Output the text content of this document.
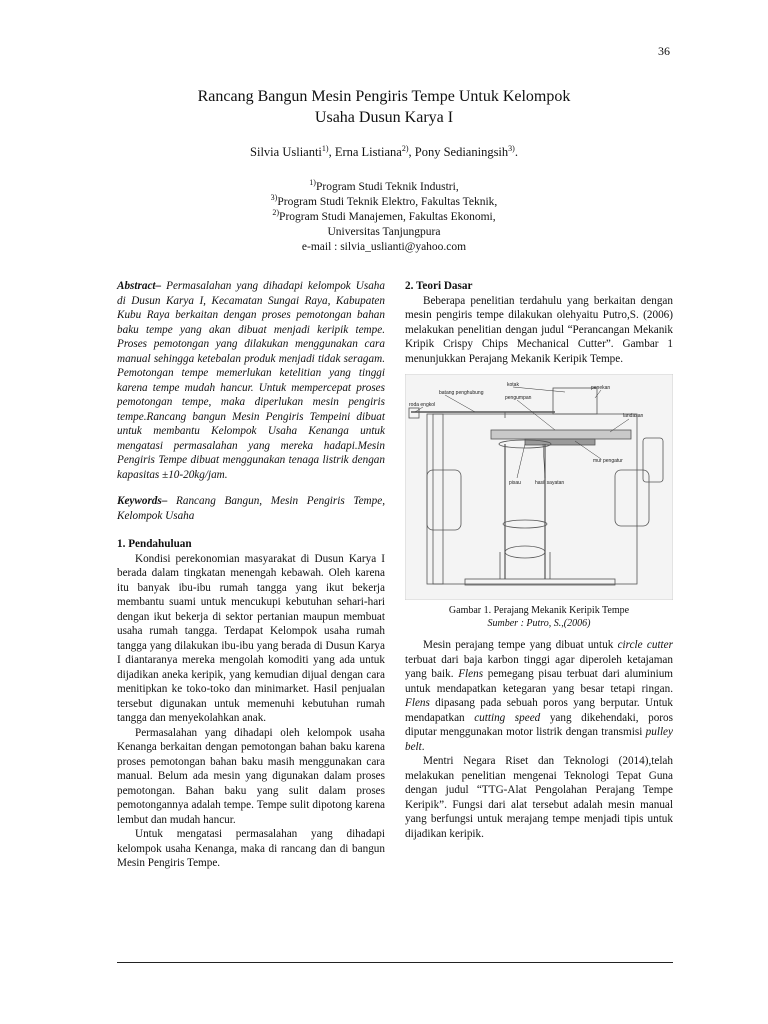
36
Rancang Bangun Mesin Pengiris Tempe Untuk Kelompok
Usaha Dusun Karya I
Silvia Uslianti$^{1)}$, Erna Listiana$^{2)}$, Pony Sedianingsih$^{3)}$.
$^{1)}$Program Studi Teknik Industri,
$^{3)}$Program Studi Teknik Elektro, Fakultas Teknik,
$^{2)}$Program Studi Manajemen, Fakultas Ekonomi,
Universitas Tanjungpura
e-mail : silvia_uslianti@yahoo.com

Abstract– Permasalahan yang dihadapi kelompok Usaha di Dusun Karya I, Kecamatan Sungai Raya, Kabupaten Kubu Raya berkaitan dengan proses pemotongan bahan baku tempe yang akan dibuat menjadi keripik tempe. Proses pemotongan yang dilakukan menggunakan cara manual sehingga ketebalan produk menjadi tidak seragam. Pemotongan tempe memerlukan ketelitian yang tinggi karena tempe mudah hancur. Untuk mempercepat proses pemotongan tempe, maka diperlukan mesin pengiris tempe.Rancang bangun Mesin Pengiris Tempeini dibuat untuk membantu Kelompok Usaha Kenanga untuk mengatasi permasalahan yang mereka hadapi.Mesin Pengiris Tempe dibuat menggunakan tenaga listrik dengan kapasitas ±10-20kg/jam.

Keywords– Rancang Bangun, Mesin Pengiris Tempe, Kelompok Usaha

1. Pendahuluan

Kondisi perekonomian masyarakat di Dusun Karya I berada dalam tingkatan menengah kebawah. Oleh karena itu banyak ibu-ibu rumah tangga yang ikut bekerja membantu suami untuk mencukupi kebutuhan sehari-hari dengan ikut bekerja di sektor pertanian maupun membuat usaha rumah tangga. Terdapat Kelompok usaha rumah tangga yang dilakukan ibu-ibu yang berada di Dusun Karya I diantaranya mereka mengolah komoditi yang ada untuk dijadikan aneka keripik, yang kemudian dijual dengan cara menitipkan ke toko-toko dan minimarket. Hasil penjualan tersebut digunakan untuk memenuhi kebutuhan rumah tangga dan menyekolahkan anak.

Permasalahan yang dihadapi oleh kelompok usaha Kenanga berkaitan dengan pemotongan bahan baku karena proses pemotongan bahan baku masih menggunakan cara manual. Belum ada mesin yang digunakan dalam proses pemotongan. Bahan baku yang sulit dalam proses pemotongannya adalah tempe. Tempe sulit dipotong karena lembut dan mudah hancur.

Untuk mengatasi permasalahan yang dihadapi kelompok usaha Kenanga, maka di rancang dan di bangun Mesin Pengiris Tempe.

2. Teori Dasar

Beberapa penelitian terdahulu yang berkaitan dengan mesin pengiris tempe dilakukan olehyaitu Putro,S. (2006) melakukan penelitian dengan judul “Perancangan Mekanik Kripik Crispy Chips Mechanical Cutter”. Gambar 1 menunjukkan Perajang Mekanik Keripik Tempe.

batang penghubung
kotak	penekan
pengumpan
roda engkol
landasan
mur pengatur
pisau	hasil sayatan
Gambar 1. Perajang Mekanik Keripik Tempe
Sumber : Putro, S.,(2006)

Mesin perajang tempe yang dibuat untuk circle cutter terbuat dari baja karbon tinggi agar diperoleh ketajaman yang baik. Flens pemegang pisau terbuat dari aluminium untuk mendapatkan ketegaran yang besar tetapi ringan. Flens dipasang pada sebuah poros yang berputar. Untuk mendapatkan cutting speed yang dikehendaki, poros diputar menggunakan motor listrik dengan transmisi pulley belt.

Mentri Negara Riset dan Teknologi (2014),telah melakukan penelitian mengenai Teknologi Tepat Guna dengan judul “TTG-Alat Pengolahan Perajang Tempe Keripik”. Fungsi dari alat tersebut adalah mesin manual yang berfungsi untuk merajang tempe menjadi tipis untuk dijadikan keripik.
